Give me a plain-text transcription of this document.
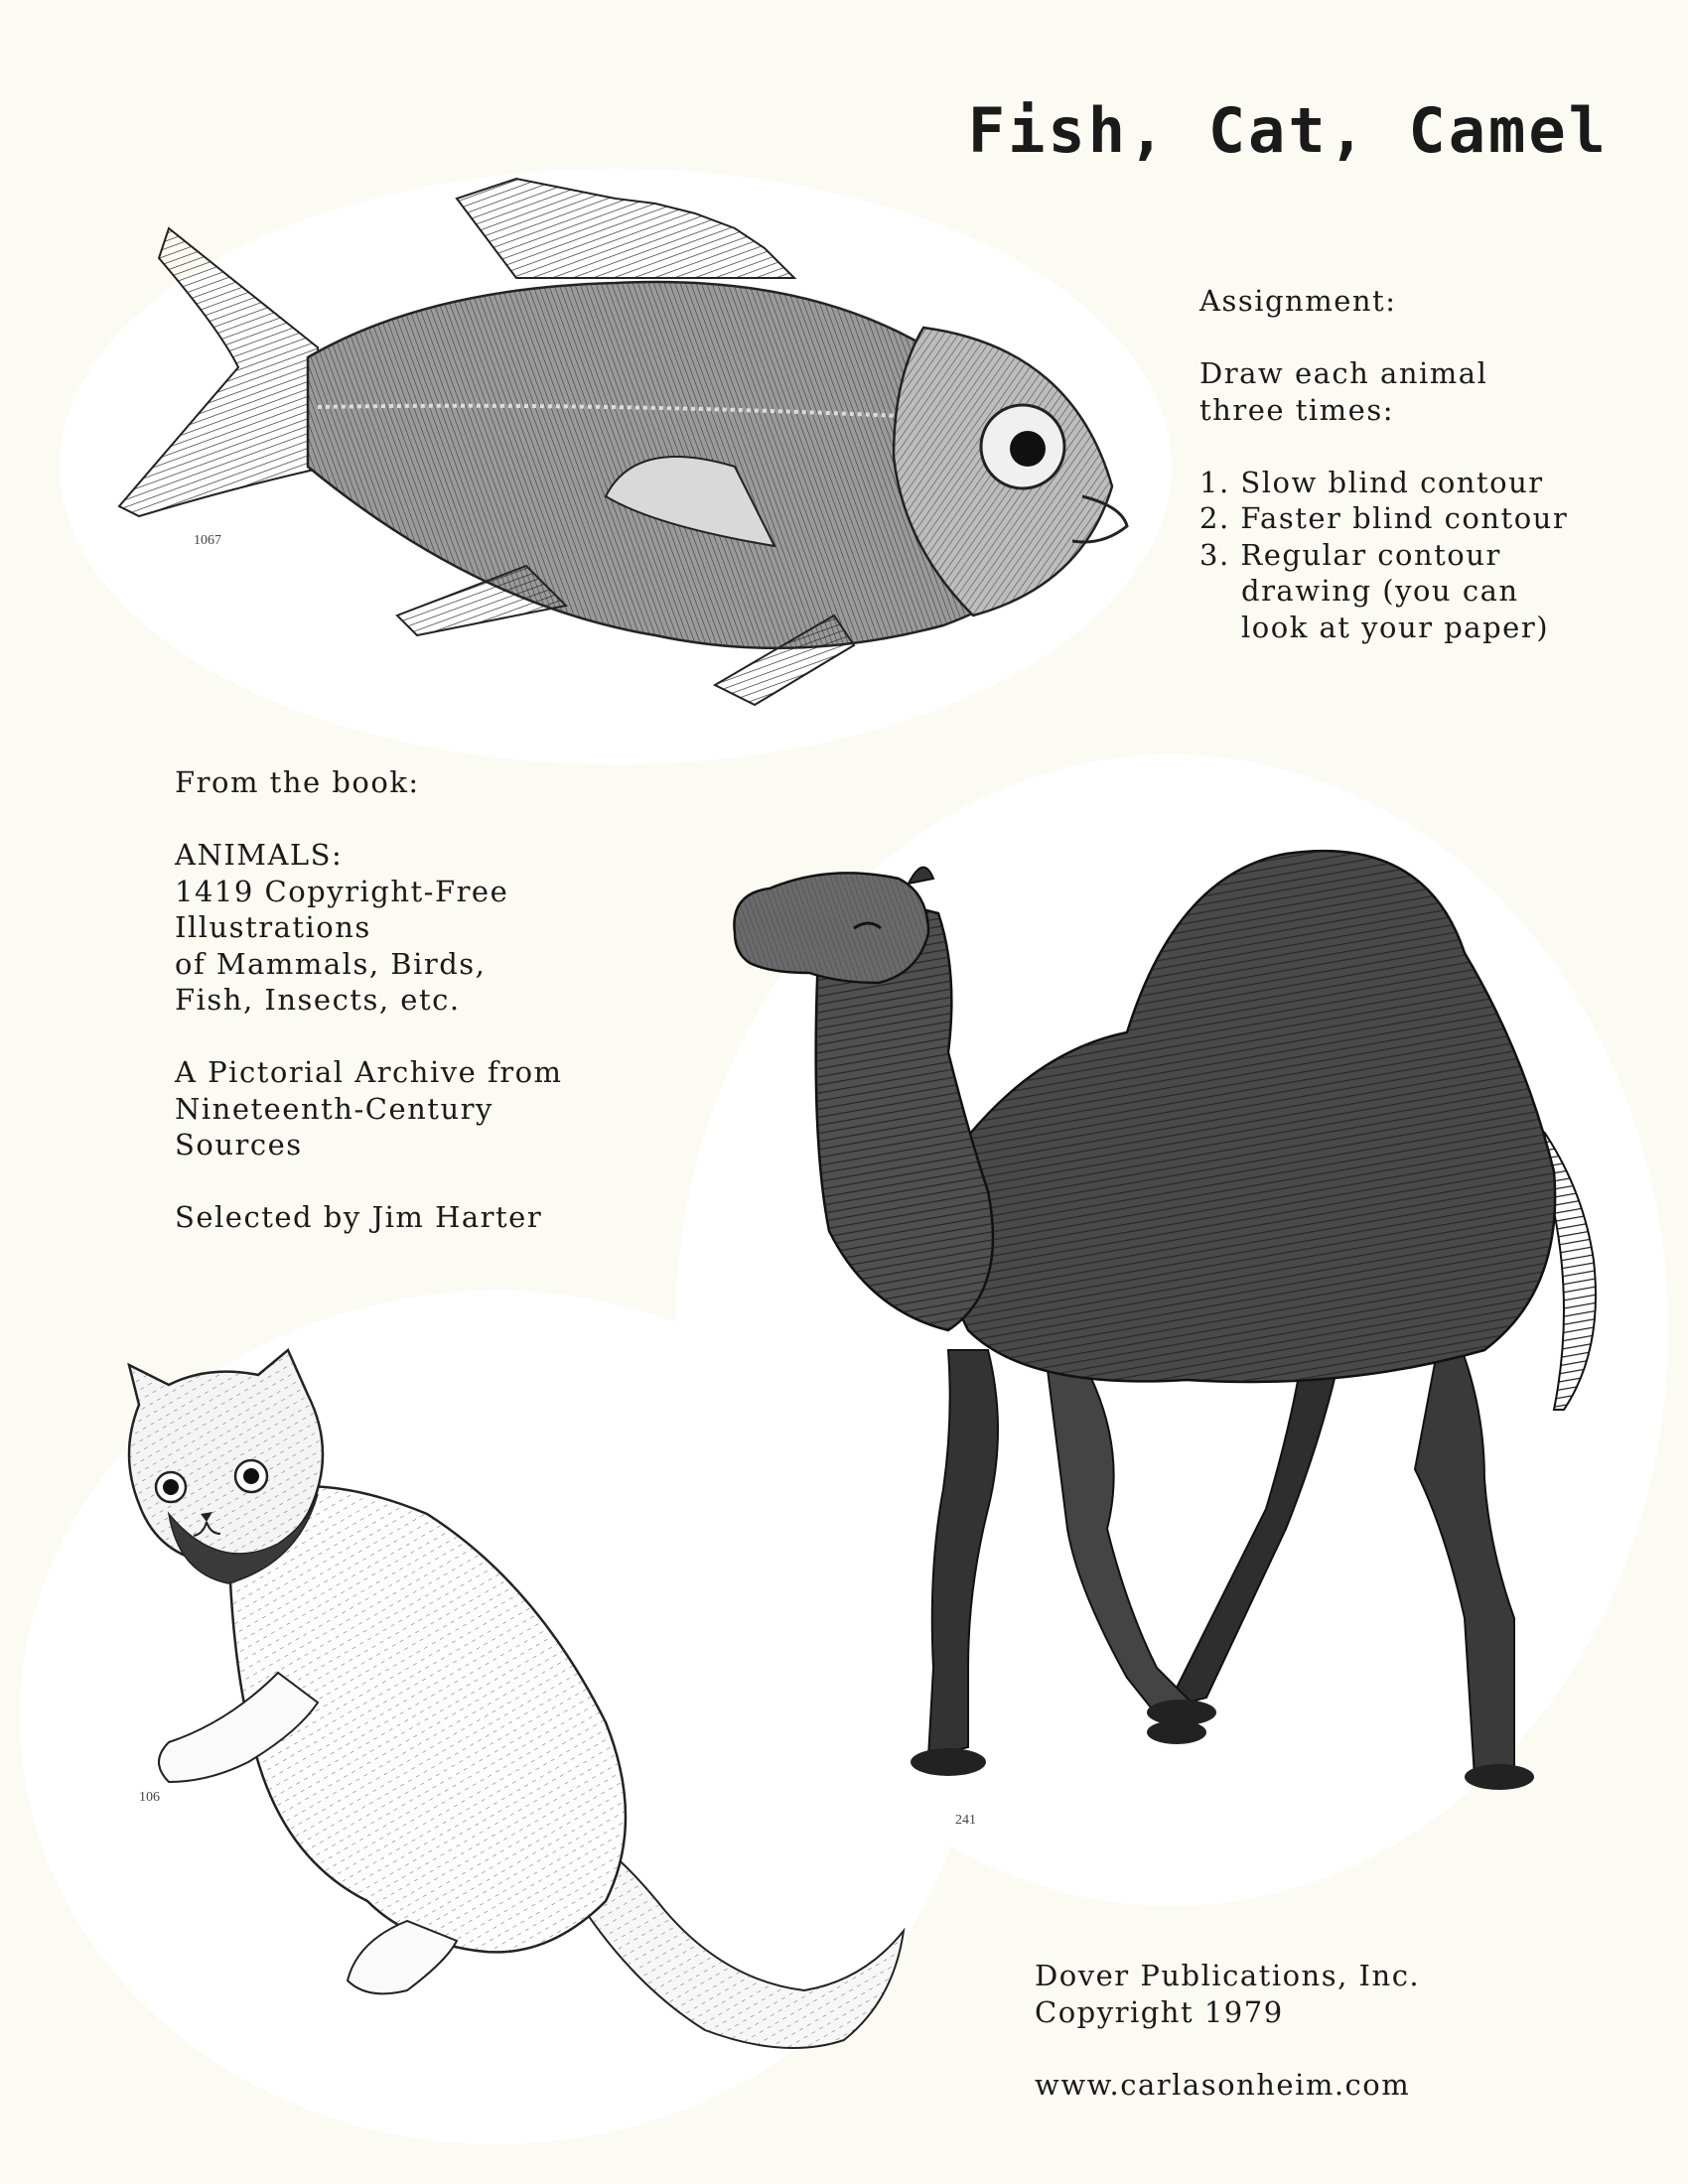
Fish, Cat, Camel
1067
241
106
Assignment:
Draw each animal
three times:
1. Slow blind contour
2. Faster blind contour
3. Regular contour
drawing (you can
look at your paper)
From the book:
ANIMALS:
1419 Copyright-Free
Illustrations
of Mammals, Birds,
Fish, Insects, etc.
A Pictorial Archive from
Nineteenth-Century
Sources
Selected by Jim Harter
Dover Publications, Inc.
Copyright 1979
www.carlasonheim.com
